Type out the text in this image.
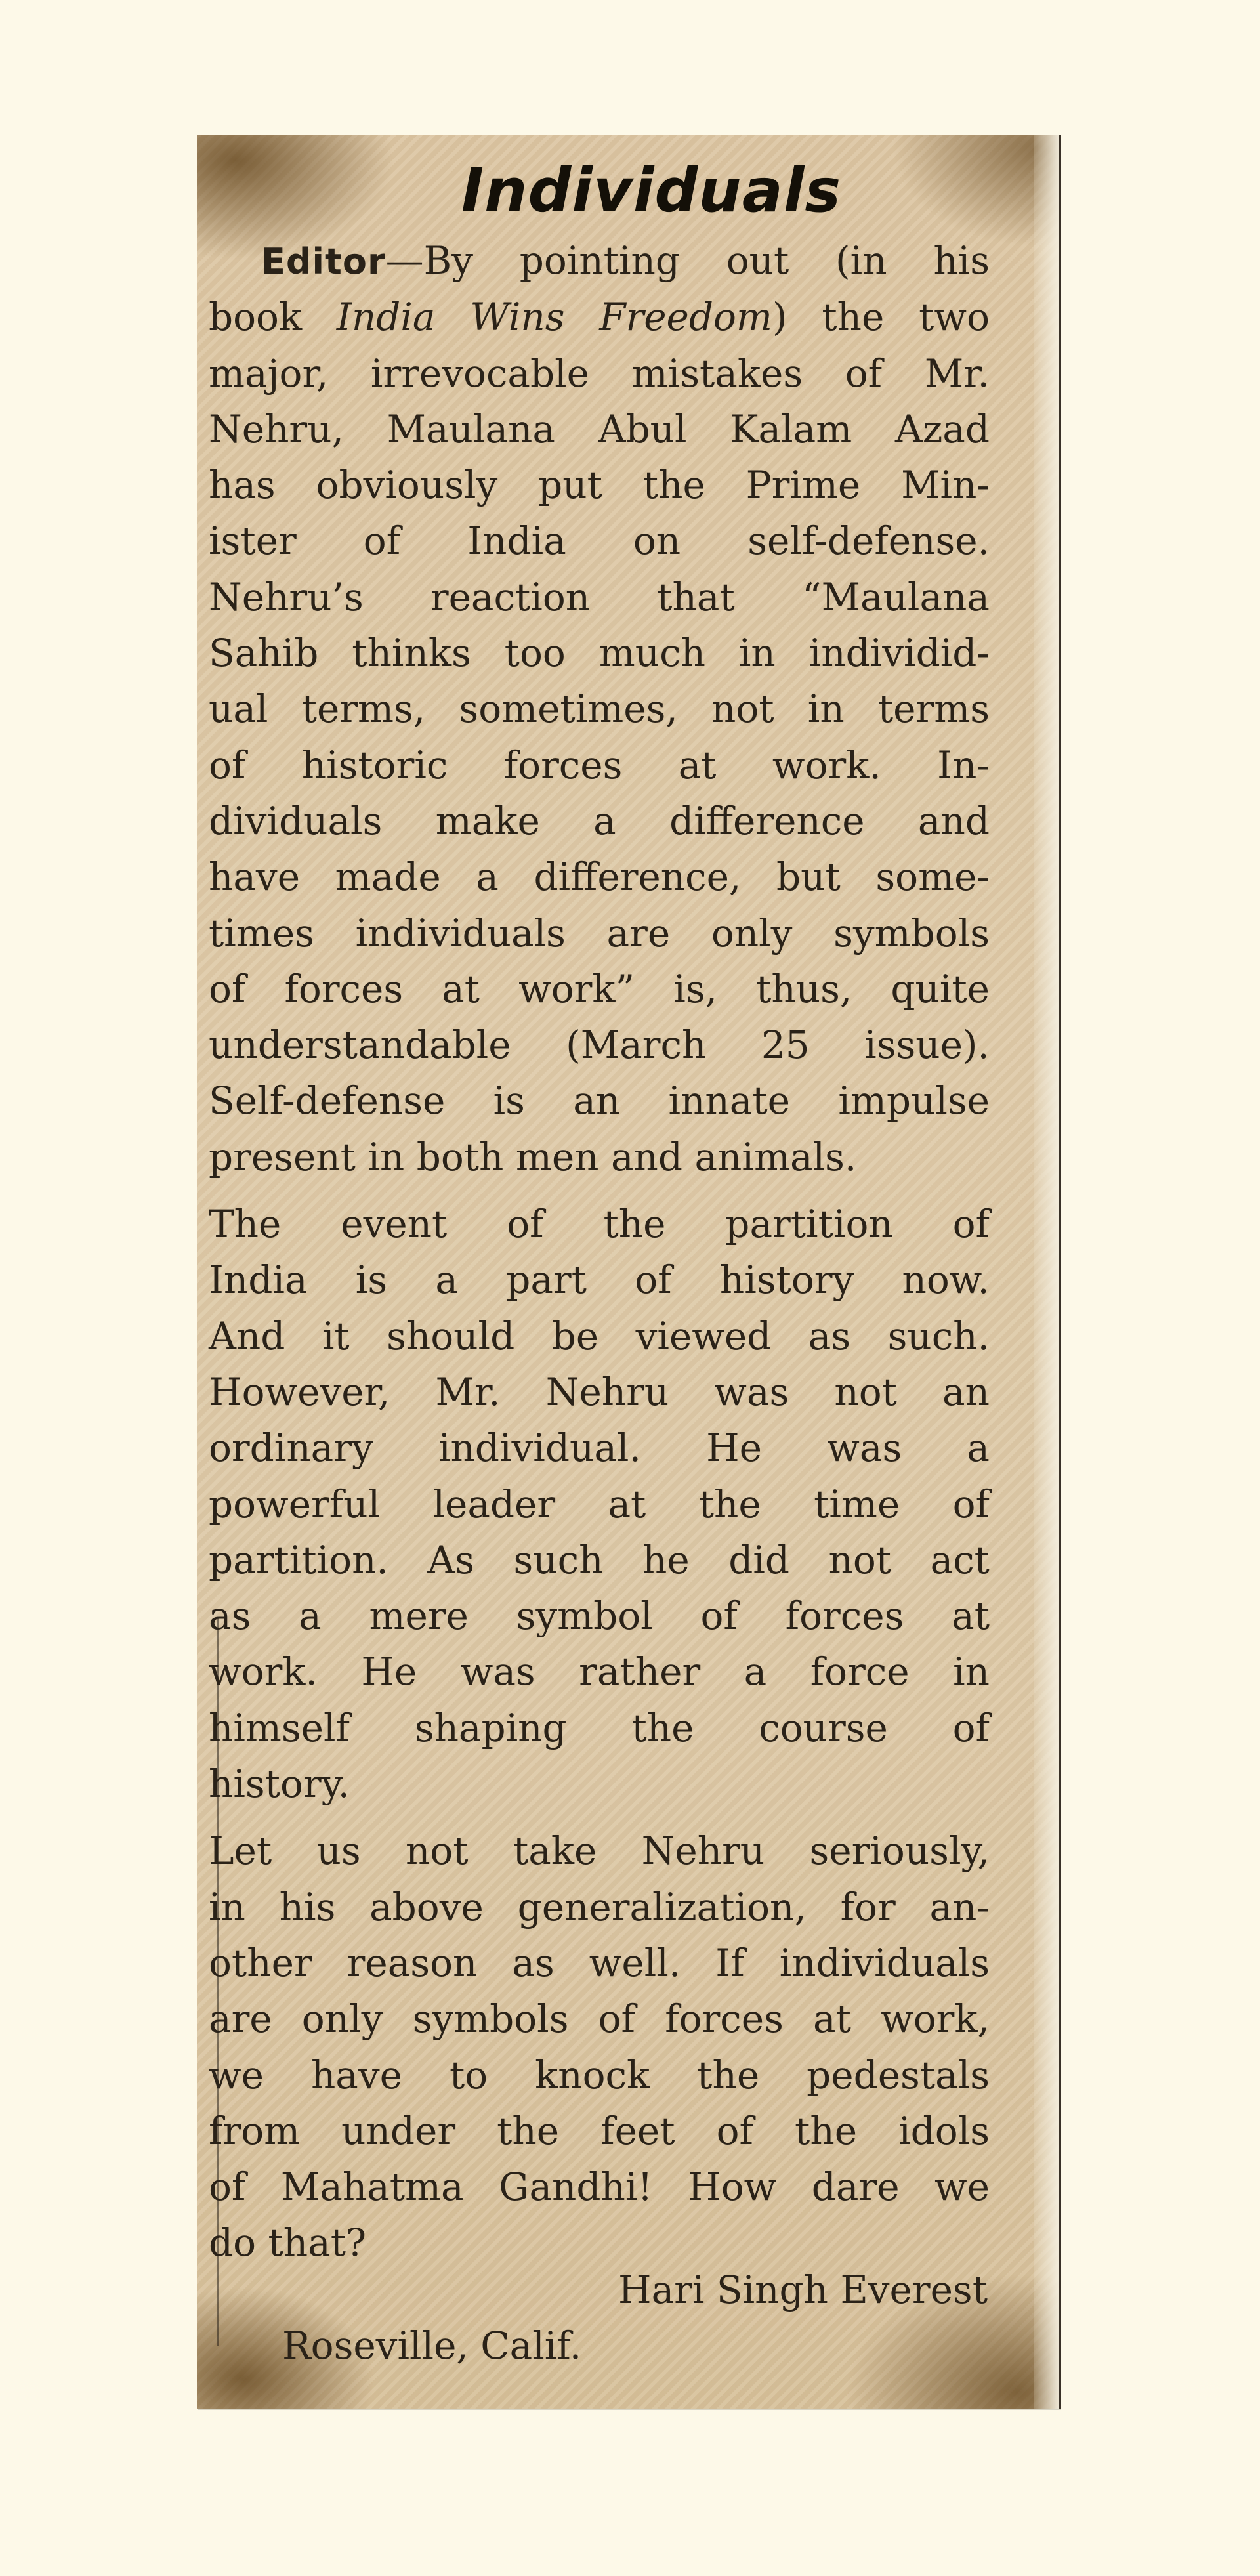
Individuals
Editor—By pointing out (in his
book India Wins Freedom) the two
major, irrevocable mistakes of Mr.
Nehru, Maulana Abul Kalam Azad
has obviously put the Prime Min-
ister of India on self-defense.
Nehru’s reaction that “Maulana
Sahib thinks too much in individid-
ual terms, sometimes, not in terms
of historic forces at work. In-
dividuals make a difference and
have made a difference, but some-
times individuals are only symbols
of forces at work” is, thus, quite
understandable (March 25 issue).
Self-defense is an innate impulse
present in both men and animals.
The event of the partition of
India is a part of history now.
And it should be viewed as such.
However, Mr. Nehru was not an
ordinary individual. He was a
powerful leader at the time of
partition. As such he did not act
as a mere symbol of forces at
work. He was rather a force in
himself shaping the course of
history.
Let us not take Nehru seriously,
in his above generalization, for an-
other reason as well. If individuals
are only symbols of forces at work,
we have to knock the pedestals
from under the feet of the idols
of Mahatma Gandhi! How dare we
do that?
Hari Singh Everest
Roseville, Calif.
